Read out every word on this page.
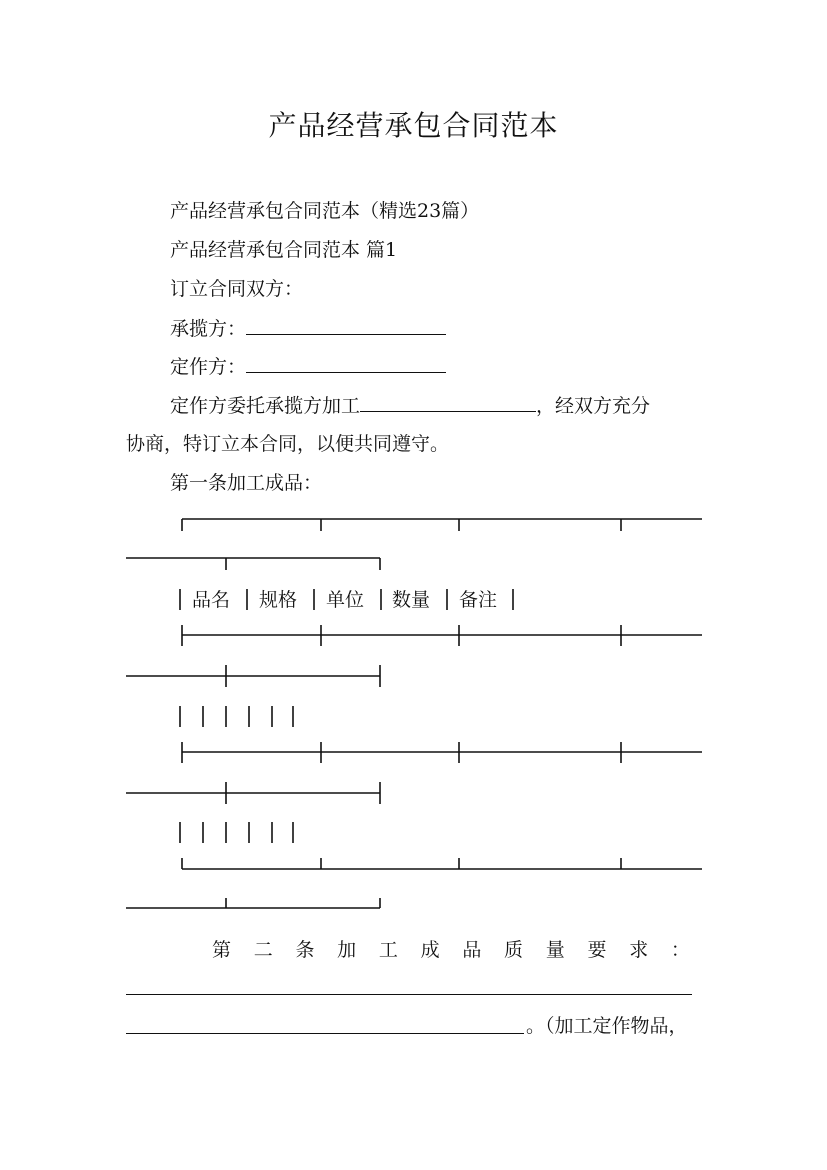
产品经营承包合同范本
产品经营承包合同范本（精选23篇）
产品经营承包合同范本 篇1
订立合同双方：
承揽方：
定作方：
定作方委托承揽方加工	，经双方充分
协商，特订立本合同，以便共同遵守。
第一条加工成品：
品名 规格 单位 数量 备注
第 二 条 加 工 成 品 质 量 要 求 ：
。（加工定作物品，
